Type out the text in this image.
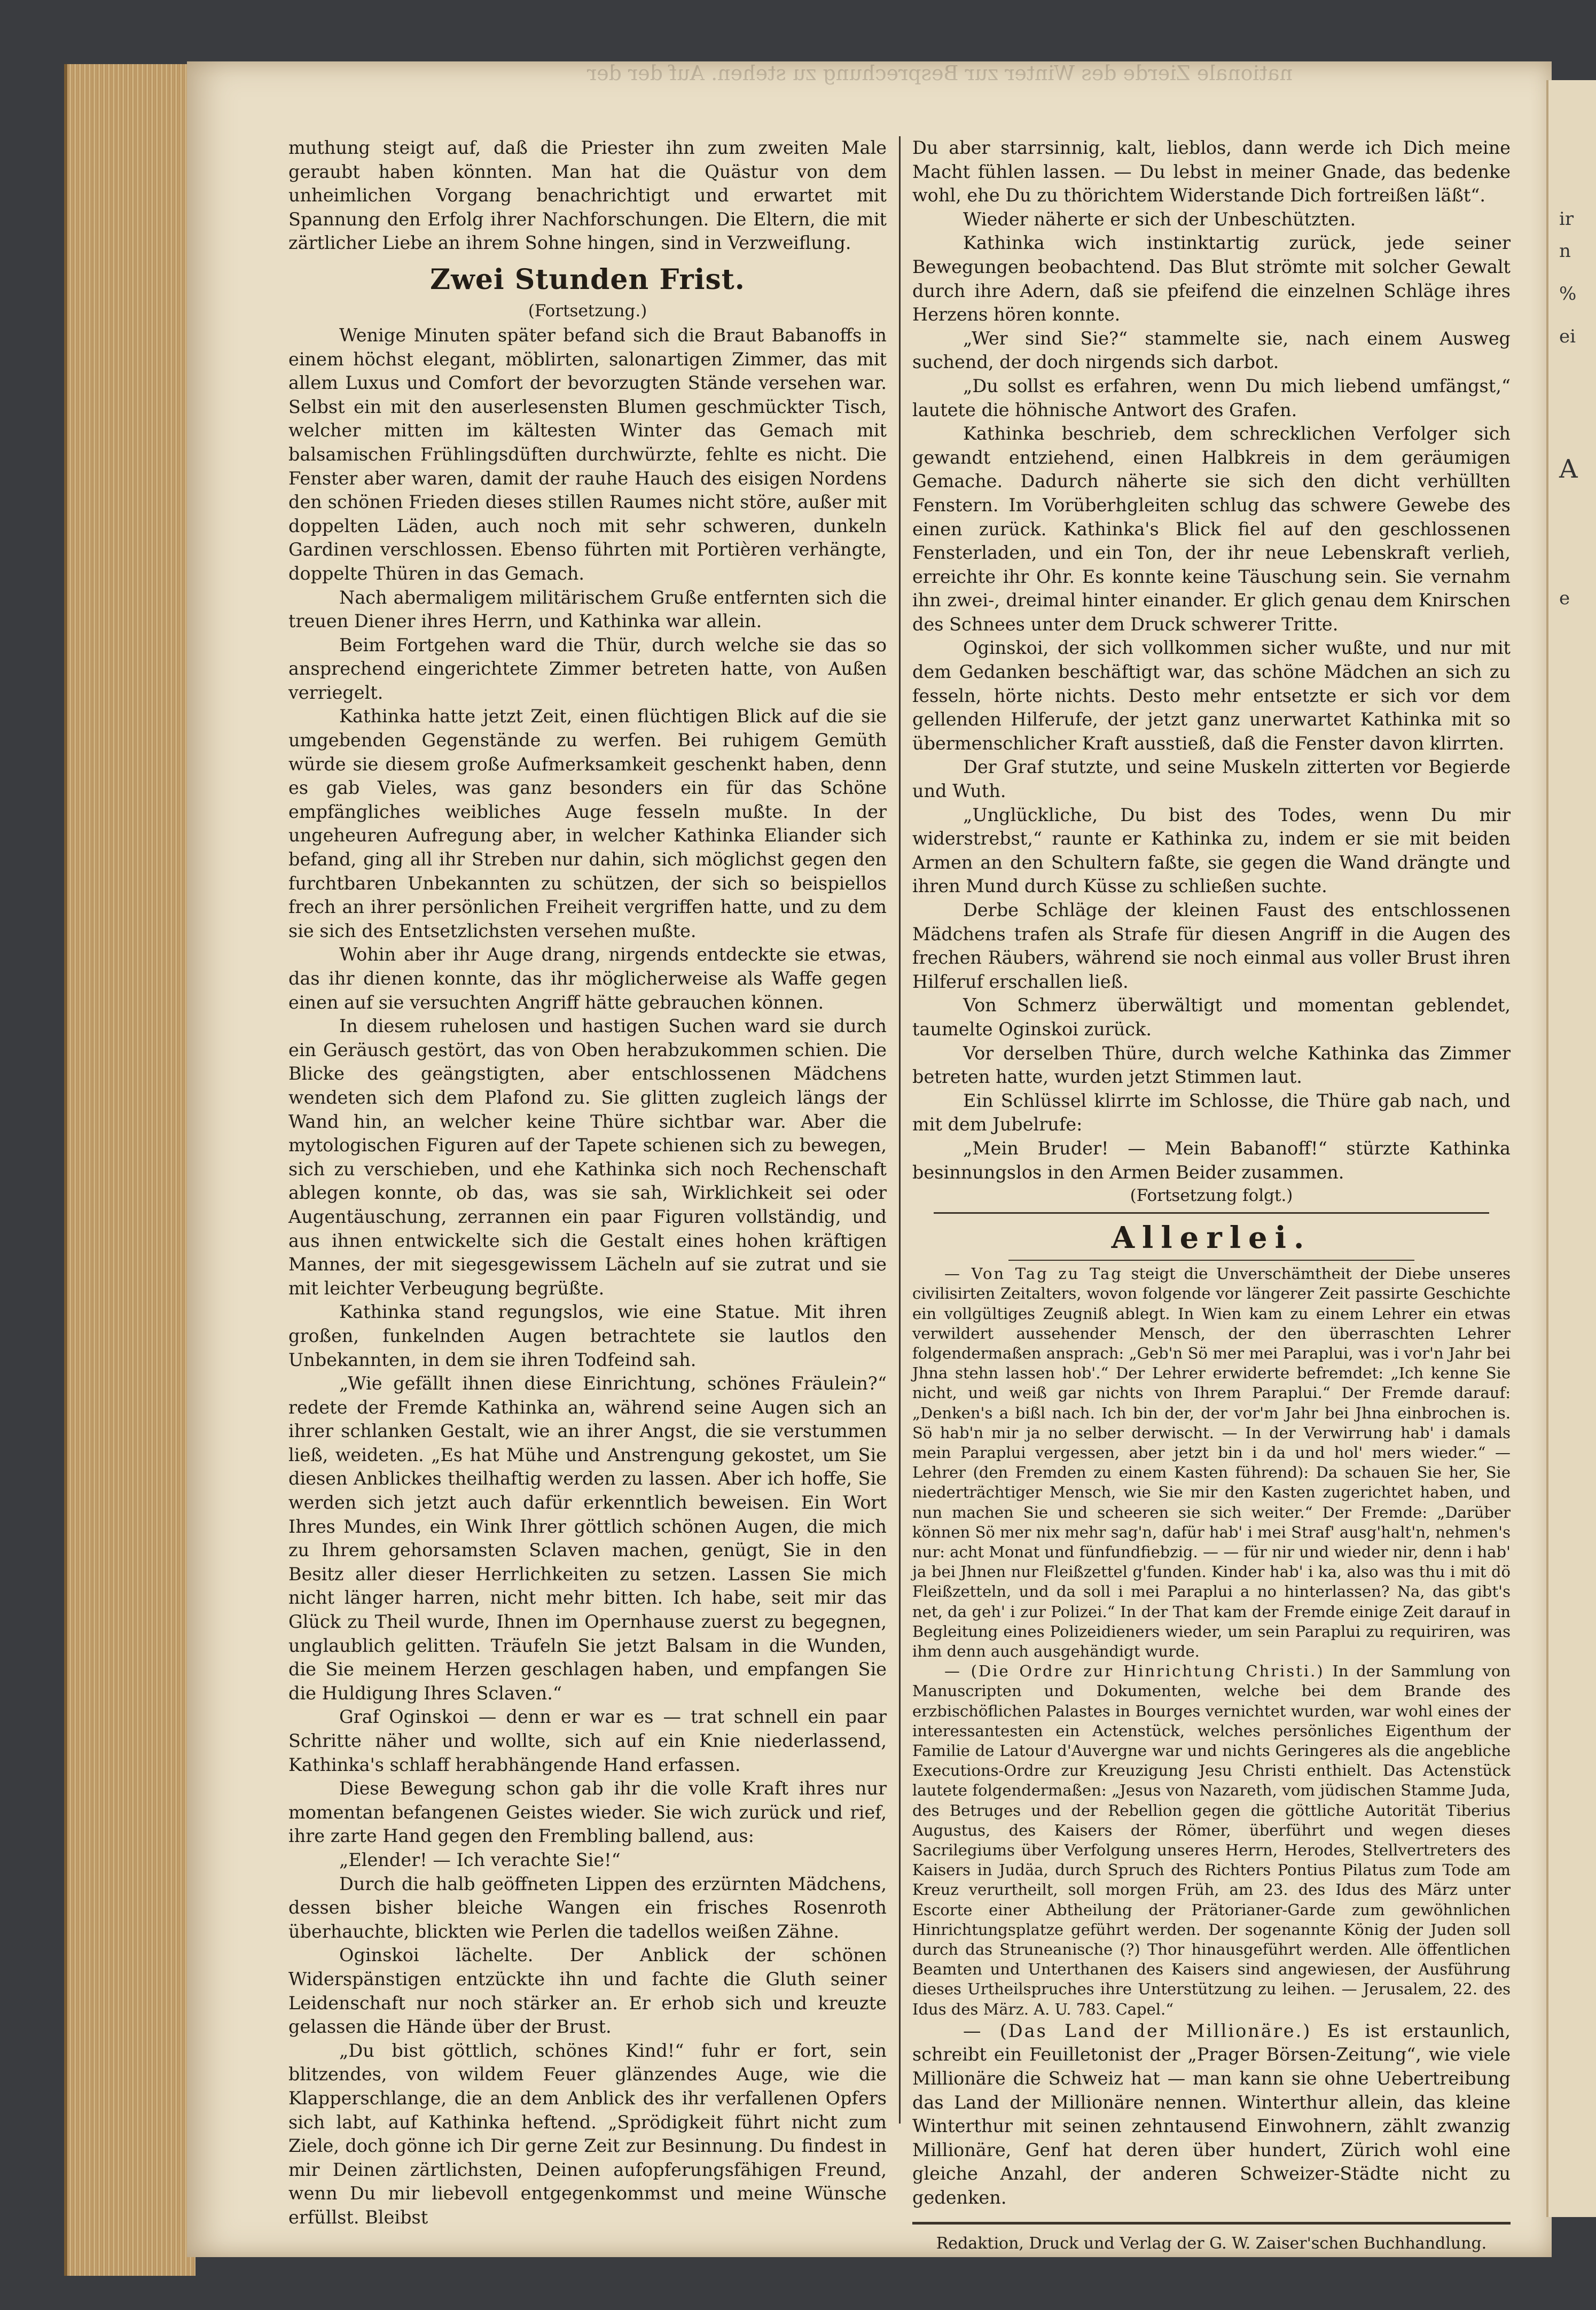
nationale Zierde des Winter zur Besprechung zu stehen. Auf der der
ir
n
%
ei
A
e

muthung steigt auf, daß die Priester ihn zum zweiten Male geraubt haben könnten. Man hat die Quästur von dem unheimlichen Vorgang benachrichtigt und erwartet mit Spannung den Erfolg ihrer Nachforschungen. Die Eltern, die mit zärtlicher Liebe an ihrem Sohne hingen, sind in Verzweiflung.

Zwei Stunden Frist.
(Fortsetzung.)

Wenige Minuten später befand sich die Braut Babanoffs in einem höchst elegant, möblirten, salonartigen Zimmer, das mit allem Luxus und Comfort der bevorzugten Stände versehen war. Selbst ein mit den auserlesensten Blumen geschmückter Tisch, welcher mitten im kältesten Winter das Gemach mit balsamischen Frühlingsdüften durchwürzte, fehlte es nicht. Die Fenster aber waren, damit der rauhe Hauch des eisigen Nordens den schönen Frieden dieses stillen Raumes nicht störe, außer mit doppelten Läden, auch noch mit sehr schweren, dunkeln Gardinen verschlossen. Ebenso führten mit Portièren verhängte, doppelte Thüren in das Gemach.

Nach abermaligem militärischem Gruße entfernten sich die treuen Diener ihres Herrn, und Kathinka war allein.

Beim Fortgehen ward die Thür, durch welche sie das so ansprechend eingerichtete Zimmer betreten hatte, von Außen verriegelt.

Kathinka hatte jetzt Zeit, einen flüchtigen Blick auf die sie umgebenden Gegenstände zu werfen. Bei ruhigem Gemüth würde sie diesem große Aufmerksamkeit geschenkt haben, denn es gab Vieles, was ganz besonders ein für das Schöne empfängliches weibliches Auge fesseln mußte. In der ungeheuren Aufregung aber, in welcher Kathinka Eliander sich befand, ging all ihr Streben nur dahin, sich möglichst gegen den furchtbaren Unbekannten zu schützen, der sich so beispiellos frech an ihrer persönlichen Freiheit vergriffen hatte, und zu dem sie sich des Entsetzlichsten versehen mußte.

Wohin aber ihr Auge drang, nirgends entdeckte sie etwas, das ihr dienen konnte, das ihr möglicherweise als Waffe gegen einen auf sie versuchten Angriff hätte gebrauchen können.

In diesem ruhelosen und hastigen Suchen ward sie durch ein Geräusch gestört, das von Oben herabzukommen schien. Die Blicke des geängstigten, aber entschlossenen Mädchens wendeten sich dem Plafond zu. Sie glitten zugleich längs der Wand hin, an welcher keine Thüre sichtbar war. Aber die mytologischen Figuren auf der Tapete schienen sich zu bewegen, sich zu verschieben, und ehe Kathinka sich noch Rechenschaft ablegen konnte, ob das, was sie sah, Wirklichkeit sei oder Augentäuschung, zerrannen ein paar Figuren vollständig, und aus ihnen entwickelte sich die Gestalt eines hohen kräftigen Mannes, der mit siegesgewissem Lächeln auf sie zutrat und sie mit leichter Verbeugung begrüßte.

Kathinka stand regungslos, wie eine Statue. Mit ihren großen, funkelnden Augen betrachtete sie lautlos den Unbekannten, in dem sie ihren Todfeind sah.

„Wie gefällt ihnen diese Einrichtung, schönes Fräulein?“ redete der Fremde Kathinka an, während seine Augen sich an ihrer schlanken Gestalt, wie an ihrer Angst, die sie verstummen ließ, weideten. „Es hat Mühe und Anstrengung gekostet, um Sie diesen Anblickes theilhaftig werden zu lassen. Aber ich hoffe, Sie werden sich jetzt auch dafür erkenntlich beweisen. Ein Wort Ihres Mundes, ein Wink Ihrer göttlich schönen Augen, die mich zu Ihrem gehorsamsten Sclaven machen, genügt, Sie in den Besitz aller dieser Herrlichkeiten zu setzen. Lassen Sie mich nicht länger harren, nicht mehr bitten. Ich habe, seit mir das Glück zu Theil wurde, Ihnen im Opernhause zuerst zu begegnen, unglaublich gelitten. Träufeln Sie jetzt Balsam in die Wunden, die Sie meinem Herzen geschlagen haben, und empfangen Sie die Huldigung Ihres Sclaven.“

Graf Oginskoi — denn er war es — trat schnell ein paar Schritte näher und wollte, sich auf ein Knie niederlassend, Kathinka's schlaff herabhängende Hand erfassen.

Diese Bewegung schon gab ihr die volle Kraft ihres nur momentan befangenen Geistes wieder. Sie wich zurück und rief, ihre zarte Hand gegen den Frembling ballend, aus:

„Elender! — Ich verachte Sie!“

Durch die halb geöffneten Lippen des erzürnten Mädchens, dessen bisher bleiche Wangen ein frisches Rosenroth überhauchte, blickten wie Perlen die tadellos weißen Zähne.

Oginskoi lächelte. Der Anblick der schönen Widerspänstigen entzückte ihn und fachte die Gluth seiner Leidenschaft nur noch stärker an. Er erhob sich und kreuzte gelassen die Hände über der Brust.

„Du bist göttlich, schönes Kind!“ fuhr er fort, sein blitzendes, von wildem Feuer glänzendes Auge, wie die Klapperschlange, die an dem Anblick des ihr verfallenen Opfers sich labt, auf Kathinka heftend. „Sprödigkeit führt nicht zum Ziele, doch gönne ich Dir gerne Zeit zur Besinnung. Du findest in mir Deinen zärtlichsten, Deinen aufopferungsfähigen Freund, wenn Du mir liebevoll entgegenkommst und meine Wünsche erfüllst. Bleibst

Du aber starrsinnig, kalt, lieblos, dann werde ich Dich meine Macht fühlen lassen. — Du lebst in meiner Gnade, das bedenke wohl, ehe Du zu thörichtem Widerstande Dich fortreißen läßt“.

Wieder näherte er sich der Unbeschützten.

Kathinka wich instinktartig zurück, jede seiner Bewegungen beobachtend. Das Blut strömte mit solcher Gewalt durch ihre Adern, daß sie pfeifend die einzelnen Schläge ihres Herzens hören konnte.

„Wer sind Sie?“ stammelte sie, nach einem Ausweg suchend, der doch nirgends sich darbot.

„Du sollst es erfahren, wenn Du mich liebend umfängst,“ lautete die höhnische Antwort des Grafen.

Kathinka beschrieb, dem schrecklichen Verfolger sich gewandt entziehend, einen Halbkreis in dem geräumigen Gemache. Dadurch näherte sie sich den dicht verhüllten Fenstern. Im Vorüberhgleiten schlug das schwere Gewebe des einen zurück. Kathinka's Blick fiel auf den geschlossenen Fensterladen, und ein Ton, der ihr neue Lebenskraft verlieh, erreichte ihr Ohr. Es konnte keine Täuschung sein. Sie vernahm ihn zwei-, dreimal hinter einander. Er glich genau dem Knirschen des Schnees unter dem Druck schwerer Tritte.

Oginskoi, der sich vollkommen sicher wußte, und nur mit dem Gedanken beschäftigt war, das schöne Mädchen an sich zu fesseln, hörte nichts. Desto mehr entsetzte er sich vor dem gellenden Hilferufe, der jetzt ganz unerwartet Kathinka mit so übermenschlicher Kraft ausstieß, daß die Fenster davon klirrten.

Der Graf stutzte, und seine Muskeln zitterten vor Begierde und Wuth.

„Unglückliche, Du bist des Todes, wenn Du mir widerstrebst,“ raunte er Kathinka zu, indem er sie mit beiden Armen an den Schultern faßte, sie gegen die Wand drängte und ihren Mund durch Küsse zu schließen suchte.

Derbe Schläge der kleinen Faust des entschlossenen Mädchens trafen als Strafe für diesen Angriff in die Augen des frechen Räubers, während sie noch einmal aus voller Brust ihren Hilferuf erschallen ließ.

Von Schmerz überwältigt und momentan geblendet, taumelte Oginskoi zurück.

Vor derselben Thüre, durch welche Kathinka das Zimmer betreten hatte, wurden jetzt Stimmen laut.

Ein Schlüssel klirrte im Schlosse, die Thüre gab nach, und mit dem Jubelrufe:

„Mein Bruder! — Mein Babanoff!“ stürzte Kathinka besinnungslos in den Armen Beider zusammen.

(Fortsetzung folgt.)
Allerlei.

— Von Tag zu Tag steigt die Unverschämtheit der Diebe unseres civilisirten Zeitalters, wovon folgende vor längerer Zeit passirte Geschichte ein vollgültiges Zeugniß ablegt. In Wien kam zu einem Lehrer ein etwas verwildert aussehender Mensch, der den überraschten Lehrer folgendermaßen ansprach: „Geb'n Sö mer mei Paraplui, was i vor'n Jahr bei Jhna stehn lassen hob'.“ Der Lehrer erwiderte befremdet: „Ich kenne Sie nicht, und weiß gar nichts von Ihrem Paraplui.“ Der Fremde darauf: „Denken's a bißl nach. Ich bin der, der vor'm Jahr bei Jhna einbrochen is. Sö hab'n mir ja no selber derwischt. — In der Verwirrung hab' i damals mein Paraplui vergessen, aber jetzt bin i da und hol' mers wieder.“ — Lehrer (den Fremden zu einem Kasten führend): Da schauen Sie her, Sie niederträchtiger Mensch, wie Sie mir den Kasten zugerichtet haben, und nun machen Sie und scheeren sie sich weiter.“ Der Fremde: „Darüber können Sö mer nix mehr sag'n, dafür hab' i mei Straf' ausg'halt'n, nehmen's nur: acht Monat und fünfundfiebzig. — — für nir und wieder nir, denn i hab' ja bei Jhnen nur Fleißzettel g'funden. Kinder hab' i ka, also was thu i mit dö Fleißzetteln, und da soll i mei Paraplui a no hinterlassen? Na, das gibt's net, da geh' i zur Polizei.“ In der That kam der Fremde einige Zeit darauf in Begleitung eines Polizeidieners wieder, um sein Paraplui zu requiriren, was ihm denn auch ausgehändigt wurde.

— (Die Ordre zur Hinrichtung Christi.) In der Sammlung von Manuscripten und Dokumenten, welche bei dem Brande des erzbischöflichen Palastes in Bourges vernichtet wurden, war wohl eines der interessantesten ein Actenstück, welches persönliches Eigenthum der Familie de Latour d'Auvergne war und nichts Geringeres als die angebliche Executions-Ordre zur Kreuzigung Jesu Christi enthielt. Das Actenstück lautete folgendermaßen: „Jesus von Nazareth, vom jüdischen Stamme Juda, des Betruges und der Rebellion gegen die göttliche Autorität Tiberius Augustus, des Kaisers der Römer, überführt und wegen dieses Sacrilegiums über Verfolgung unseres Herrn, Herodes, Stellvertreters des Kaisers in Judäa, durch Spruch des Richters Pontius Pilatus zum Tode am Kreuz verurtheilt, soll morgen Früh, am 23. des Idus des März unter Escorte einer Abtheilung der Prätorianer-Garde zum gewöhnlichen Hinrichtungsplatze geführt werden. Der sogenannte König der Juden soll durch das Struneanische (?) Thor hinausgeführt werden. Alle öffentlichen Beamten und Unterthanen des Kaisers sind angewiesen, der Ausführung dieses Urtheilspruches ihre Unterstützung zu leihen. — Jerusalem, 22. des Idus des März. A. U. 783. Capel.“

— (Das Land der Millionäre.) Es ist erstaunlich, schreibt ein Feuilletonist der „Prager Börsen-Zeitung“, wie viele Millionäre die Schweiz hat — man kann sie ohne Uebertreibung das Land der Millionäre nennen. Winterthur allein, das kleine Winterthur mit seinen zehntausend Einwohnern, zählt zwanzig Millionäre, Genf hat deren über hundert, Zürich wohl eine gleiche Anzahl, der anderen Schweizer-Städte nicht zu gedenken.

Redaktion, Druck und Verlag der G. W. Zaiser'schen Buchhandlung.
